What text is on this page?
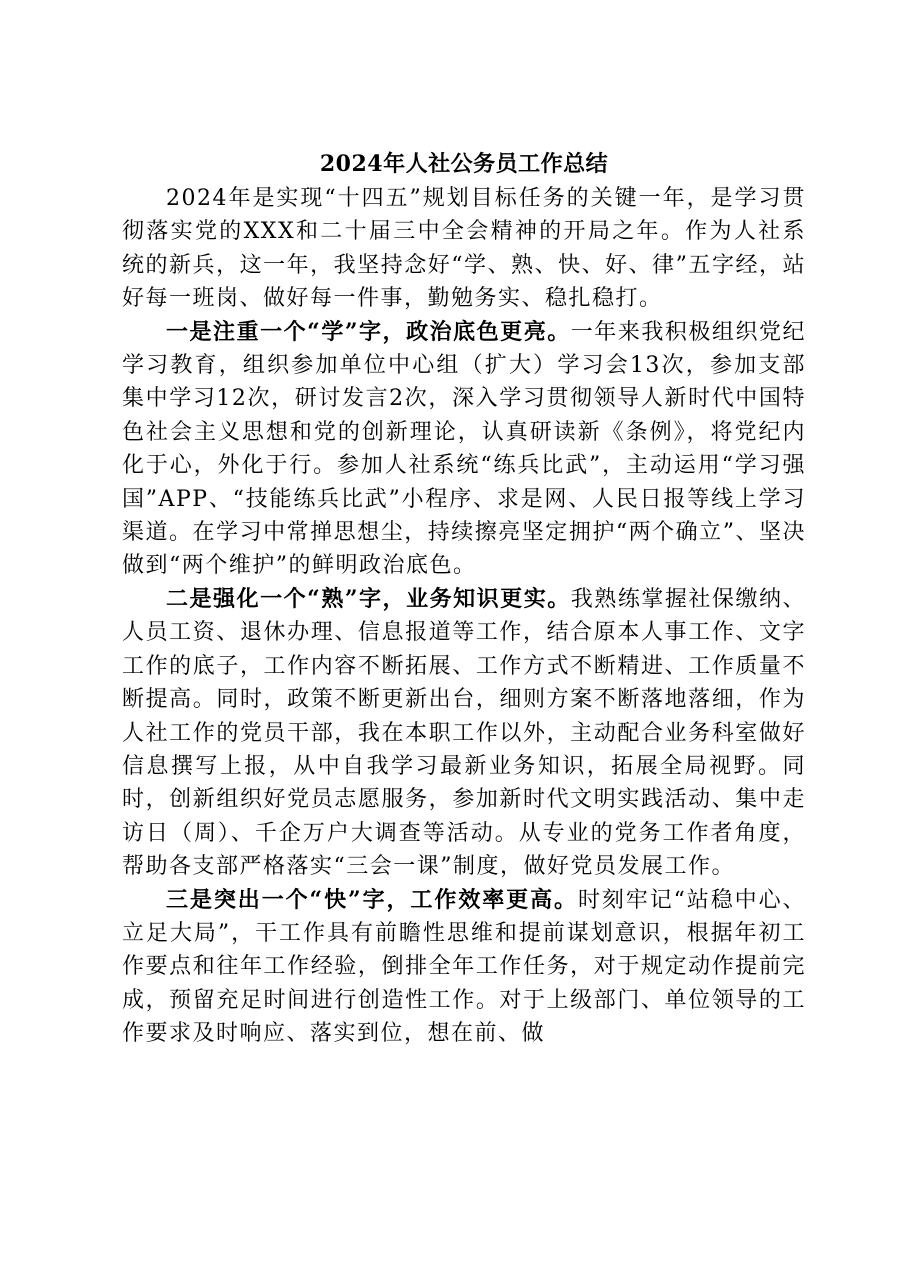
2024年人社公务员工作总结

2024年是实现“十四五”规划目标任务的关键一年，是学习贯彻落实党的XXX和二十届三中全会精神的开局之年。作为人社系统的新兵，这一年，我坚持念好“学、熟、快、好、律”五字经，站好每一班岗、做好每一件事，勤勉务实、稳扎稳打。

一是注重一个“学”字，政治底色更亮。一年来我积极组织党纪学习教育，组织参加单位中心组（扩大）学习会13次，参加支部集中学习12次，研讨发言2次，深入学习贯彻领导人新时代中国特色社会主义思想和党的创新理论，认真研读新《条例》，将党纪内化于心，外化于行。参加人社系统“练兵比武”，主动运用“学习强国”APP、“技能练兵比武”小程序、求是网、人民日报等线上学习渠道。在学习中常掸思想尘，持续擦亮坚定拥护“两个确立”、坚决做到“两个维护”的鲜明政治底色。

二是强化一个“熟”字，业务知识更实。我熟练掌握社保缴纳、人员工资、退休办理、信息报道等工作，结合原本人事工作、文字工作的底子，工作内容不断拓展、工作方式不断精进、工作质量不断提高。同时，政策不断更新出台，细则方案不断落地落细，作为人社工作的党员干部，我在本职工作以外，主动配合业务科室做好信息撰写上报，从中自我学习最新业务知识，拓展全局视野。同时，创新组织好党员志愿服务，参加新时代文明实践活动、集中走访日（周）、千企万户大调查等活动。从专业的党务工作者角度，帮助各支部严格落实“三会一课”制度，做好党员发展工作。

三是突出一个“快”字，工作效率更高。时刻牢记“站稳中心、立足大局”，干工作具有前瞻性思维和提前谋划意识，根据年初工作要点和往年工作经验，倒排全年工作任务，对于规定动作提前完成，预留充足时间进行创造性工作。对于上级部门、单位领导的工作要求及时响应、落实到位，想在前、做
